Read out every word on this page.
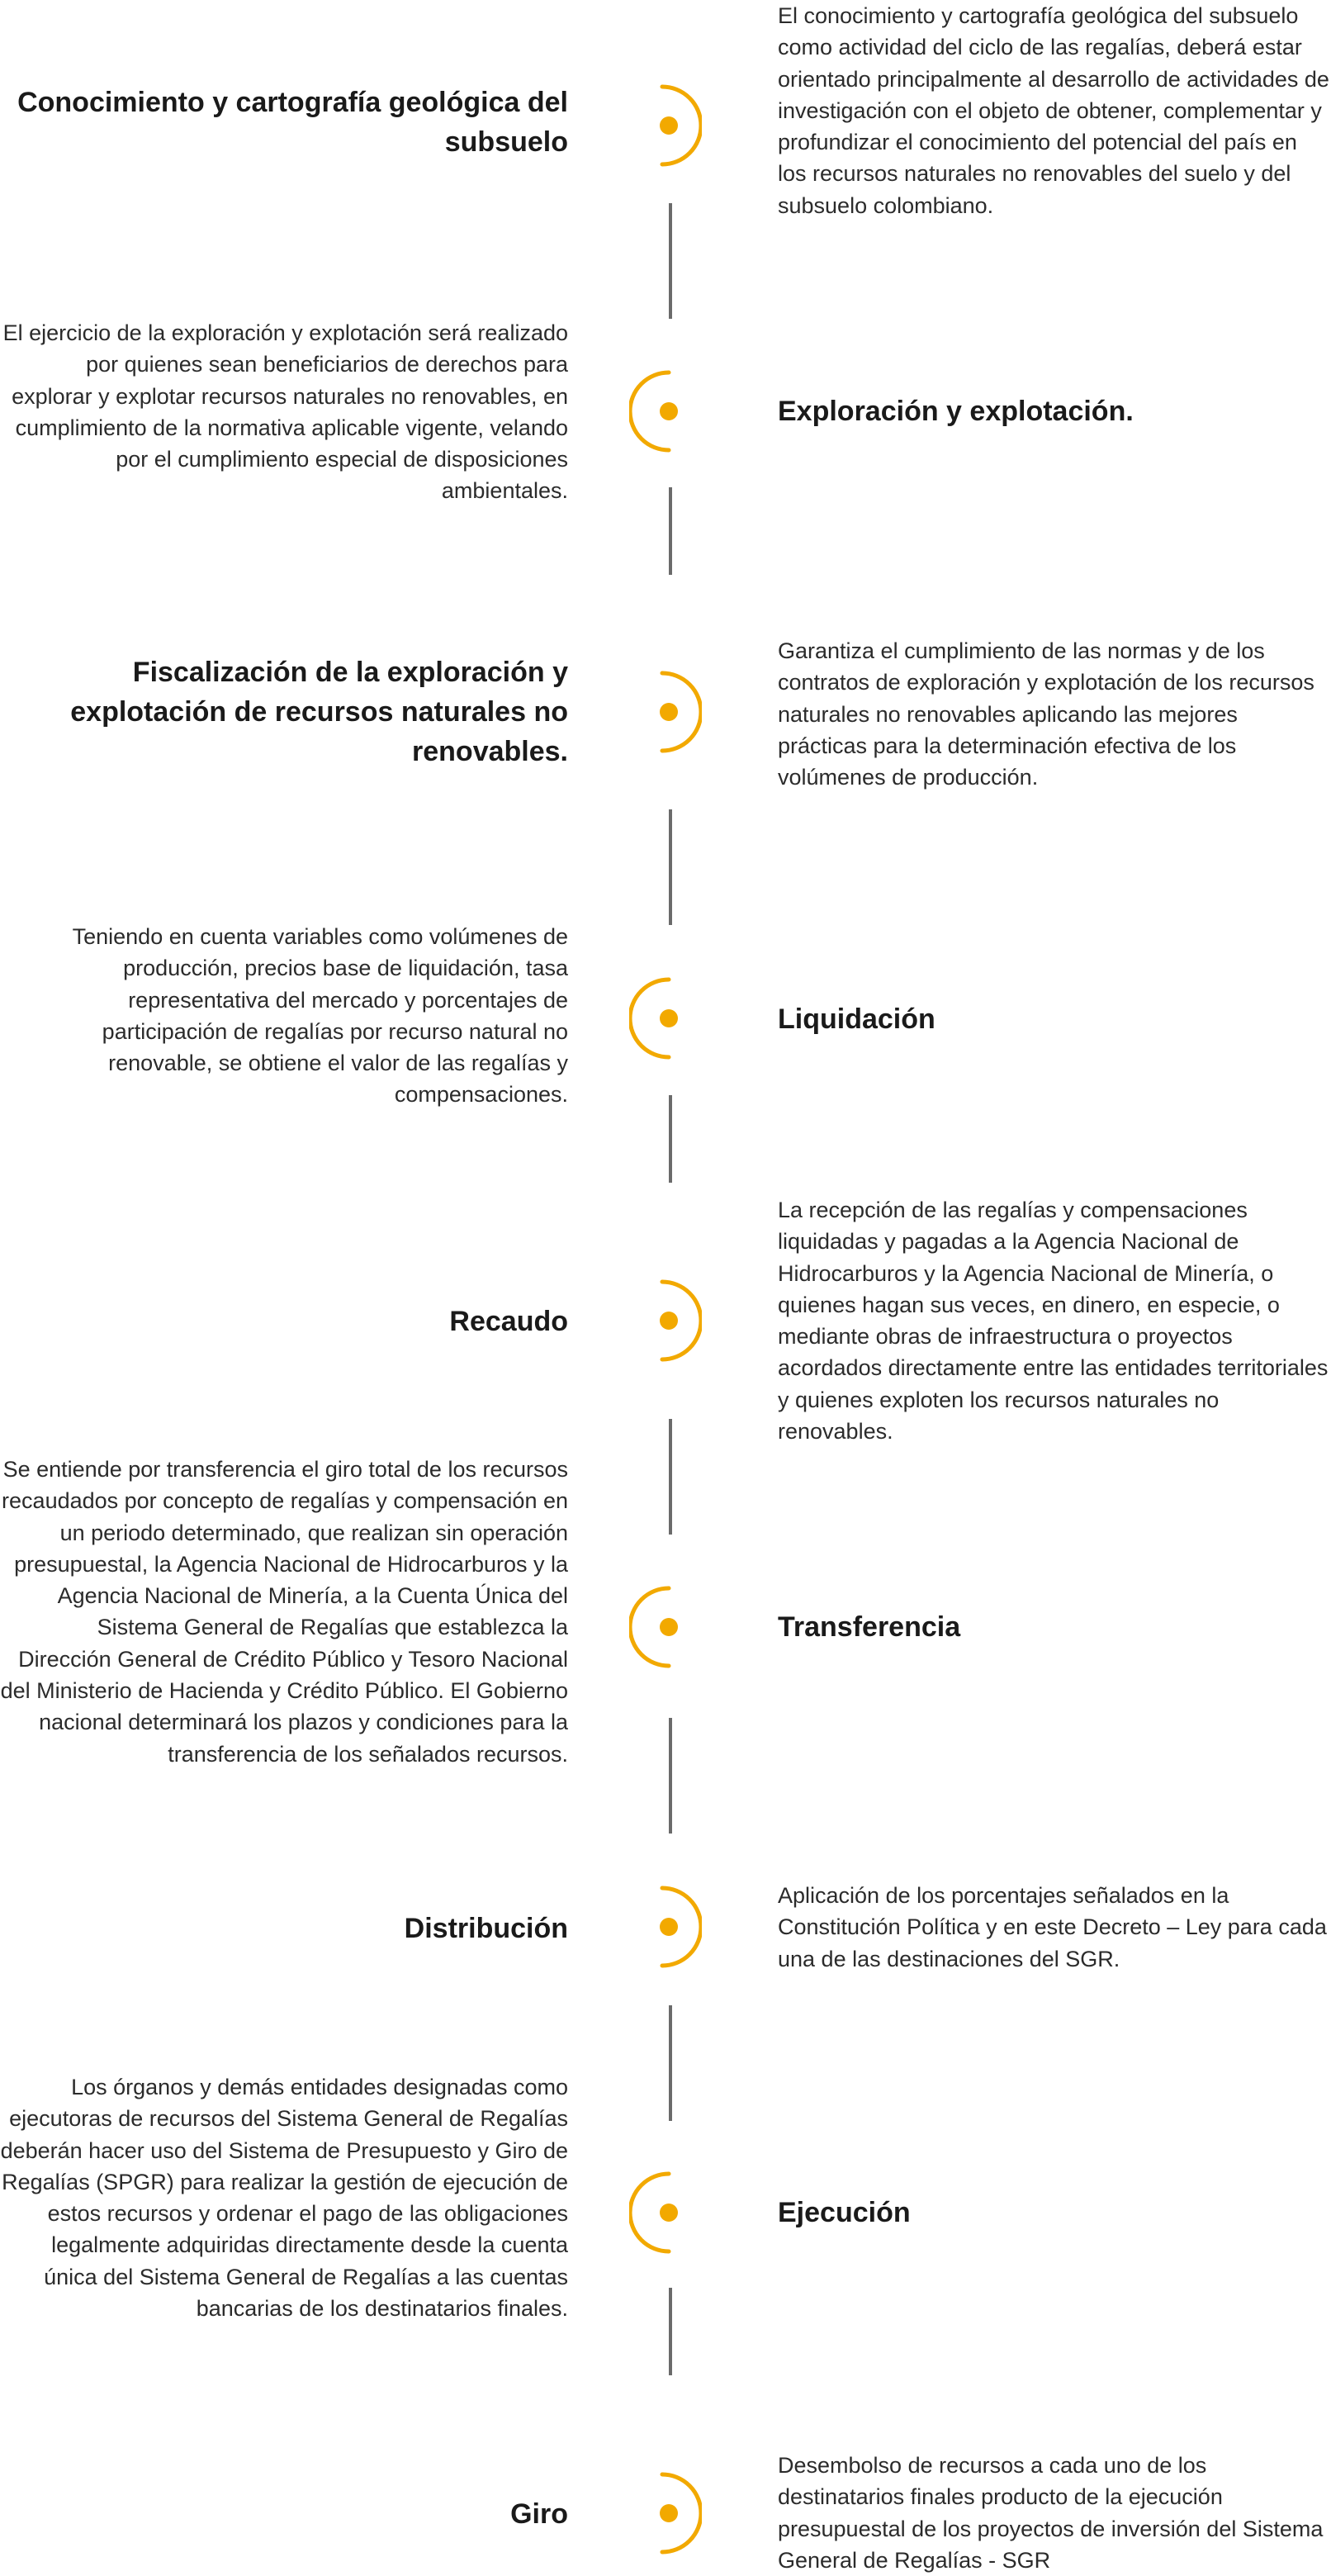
Conocimiento y cartografía geológica del subsuelo

El conocimiento y cartografía geológica del subsuelo como actividad del ciclo de las regalías, deberá estar orientado principalmente al desarrollo de actividades de investigación con el objeto de obtener, complementar y profundizar el conocimiento del potencial del país en los recursos naturales no renovables del suelo y del subsuelo colombiano.

El ejercicio de la exploración y explotación será realizado por quienes sean beneficiarios de derechos para explorar y explotar recursos naturales no renovables, en cumplimiento de la normativa aplicable vigente, velando por el cumplimiento especial de disposiciones ambientales.

Exploración y explotación.
Fiscalización de la exploración y explotación de recursos naturales no renovables.

Garantiza el cumplimiento de las normas y de los contratos de exploración y explotación de los recursos naturales no renovables aplicando las mejores prácticas para la determinación efectiva de los volúmenes de producción.

Teniendo en cuenta variables como volúmenes de producción, precios base de liquidación, tasa representativa del mercado y porcentajes de participación de regalías por recurso natural no renovable, se obtiene el valor de las regalías y compensaciones.

Liquidación
Recaudo

La recepción de las regalías y compensaciones liquidadas y pagadas a la Agencia Nacional de Hidrocarburos y la Agencia Nacional de Minería, o quienes hagan sus veces, en dinero, en especie, o mediante obras de infraestructura o proyectos acordados directamente entre las entidades territoriales y quienes exploten los recursos naturales no renovables.

Se entiende por transferencia el giro total de los recursos recaudados por concepto de regalías y compensación en un periodo determinado, que realizan sin operación presupuestal, la Agencia Nacional de Hidrocarburos y la Agencia Nacional de Minería, a la Cuenta Única del Sistema General de Regalías que establezca la Dirección General de Crédito Público y Tesoro Nacional del Ministerio de Hacienda y Crédito Público. El Gobierno nacional determinará los plazos y condiciones para la transferencia de los señalados recursos.

Transferencia
Distribución

Aplicación de los porcentajes señalados en la Constitución Política y en este Decreto – Ley para cada una de las destinaciones del SGR.

Los órganos y demás entidades designadas como ejecutoras de recursos del Sistema General de Regalías deberán hacer uso del Sistema de Presupuesto y Giro de Regalías (SPGR) para realizar la gestión de ejecución de estos recursos y ordenar el pago de las obligaciones legalmente adquiridas directamente desde la cuenta única del Sistema General de Regalías a las cuentas bancarias de los destinatarios finales.

Ejecución
Giro

Desembolso de recursos a cada uno de los destinatarios finales producto de la ejecución presupuestal de los proyectos de inversión del Sistema General de Regalías - SGR
